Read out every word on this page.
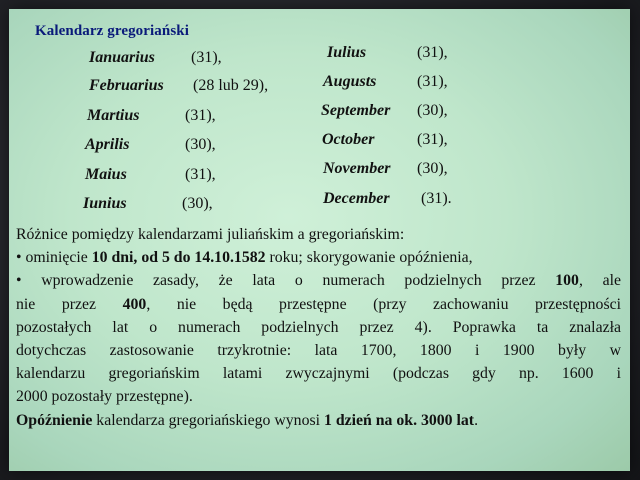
Kalendarz gregoriański
Ianuarius (31),
Februarius (28 lub 29),
Martius	(31),
Aprilis	(30),
Maius	(31),
Iunius	(30),
Iulius	(31),
Augusts	(31),
September (30),
October	(31),
November (30),
December (31).
Różnice pomiędzy kalendarzami juliańskim a gregoriańskim:
• ominięcie 10 dni, od 5 do 14.10.1582 roku; skorygowanie opóźnienia,
• wprowadzenie zasady, że lata o numerach podzielnych przez 100, ale
nie przez 400, nie będą przestępne (przy zachowaniu przestępności
pozostałych lat o numerach podzielnych przez 4). Poprawka ta znalazła
dotychczas zastosowanie trzykrotnie: lata 1700, 1800 i 1900 były w
kalendarzu gregoriańskim latami zwyczajnymi (podczas gdy np. 1600 i
2000 pozostały przestępne).
Opóźnienie kalendarza gregoriańskiego wynosi 1 dzień na ok. 3000 lat.
